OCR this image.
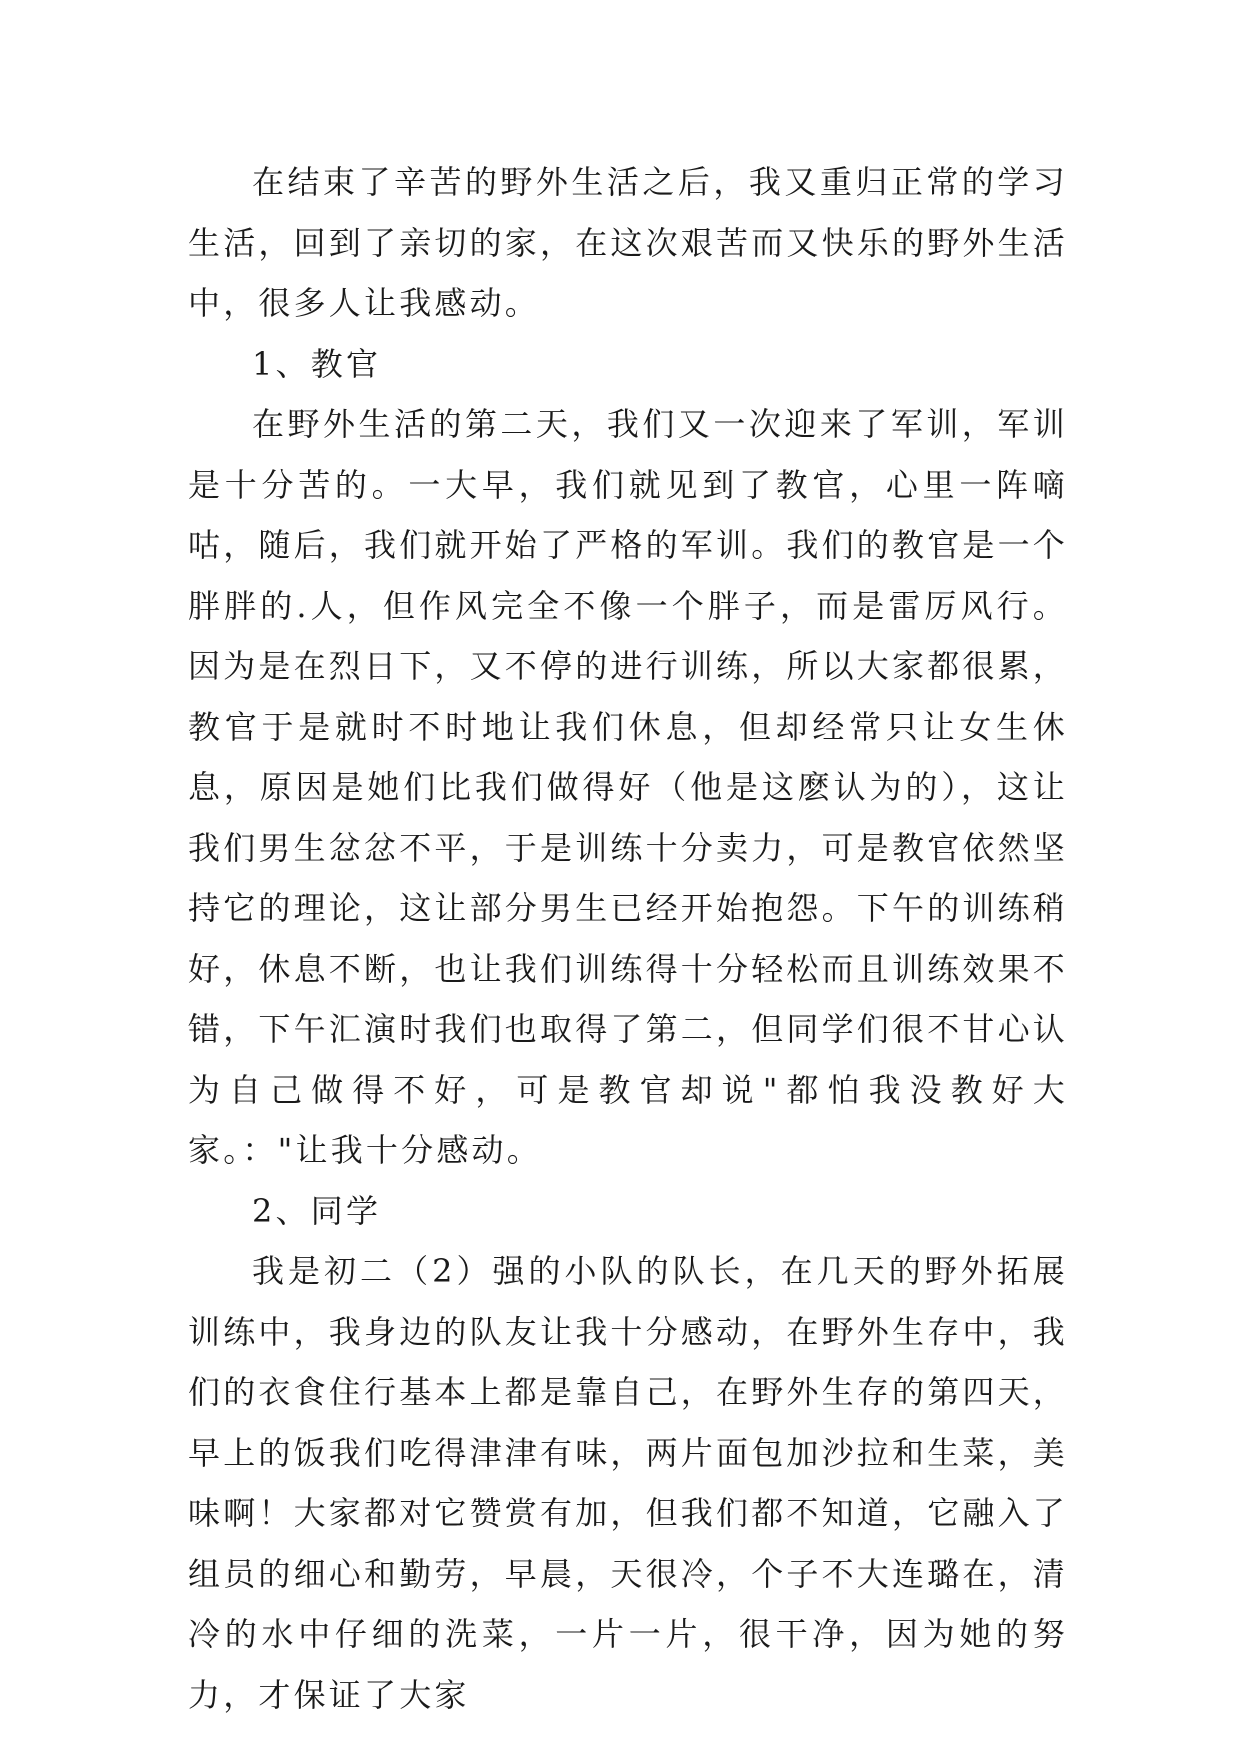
在结束了辛苦的野外生活之后，我又重归正常的学习生活，回到了亲切的家，在这次艰苦而又快乐的野外生活中，很多人让我感动。

1、教官

在野外生活的第二天，我们又一次迎来了军训，军训是十分苦的。一大早，我们就见到了教官，心里一阵嘀咕，随后，我们就开始了严格的军训。我们的教官是一个胖胖的.人，但作风完全不像一个胖子，而是雷厉风行。因为是在烈日下，又不停的进行训练，所以大家都很累，教官于是就时不时地让我们休息，但却经常只让女生休息，原因是她们比我们做得好（他是这麽认为的），这让我们男生忿忿不平，于是训练十分卖力，可是教官依然坚持它的理论，这让部分男生已经开始抱怨。下午的训练稍好，休息不断，也让我们训练得十分轻松而且训练效果不错，下午汇演时我们也取得了第二，但同学们很不甘心认为自己做得不好，可是教官却说"都怕我没教好大家。："让我十分感动。

2、同学

我是初二（2）强的小队的队长，在几天的野外拓展训练中，我身边的队友让我十分感动，在野外生存中，我们的衣食住行基本上都是靠自己，在野外生存的第四天，早上的饭我们吃得津津有味，两片面包加沙拉和生菜，美味啊！大家都对它赞赏有加，但我们都不知道，它融入了组员的细心和勤劳，早晨，天很冷，个子不大连璐在，清冷的水中仔细的洗菜，一片一片，很干净，因为她的努力，才保证了大家
